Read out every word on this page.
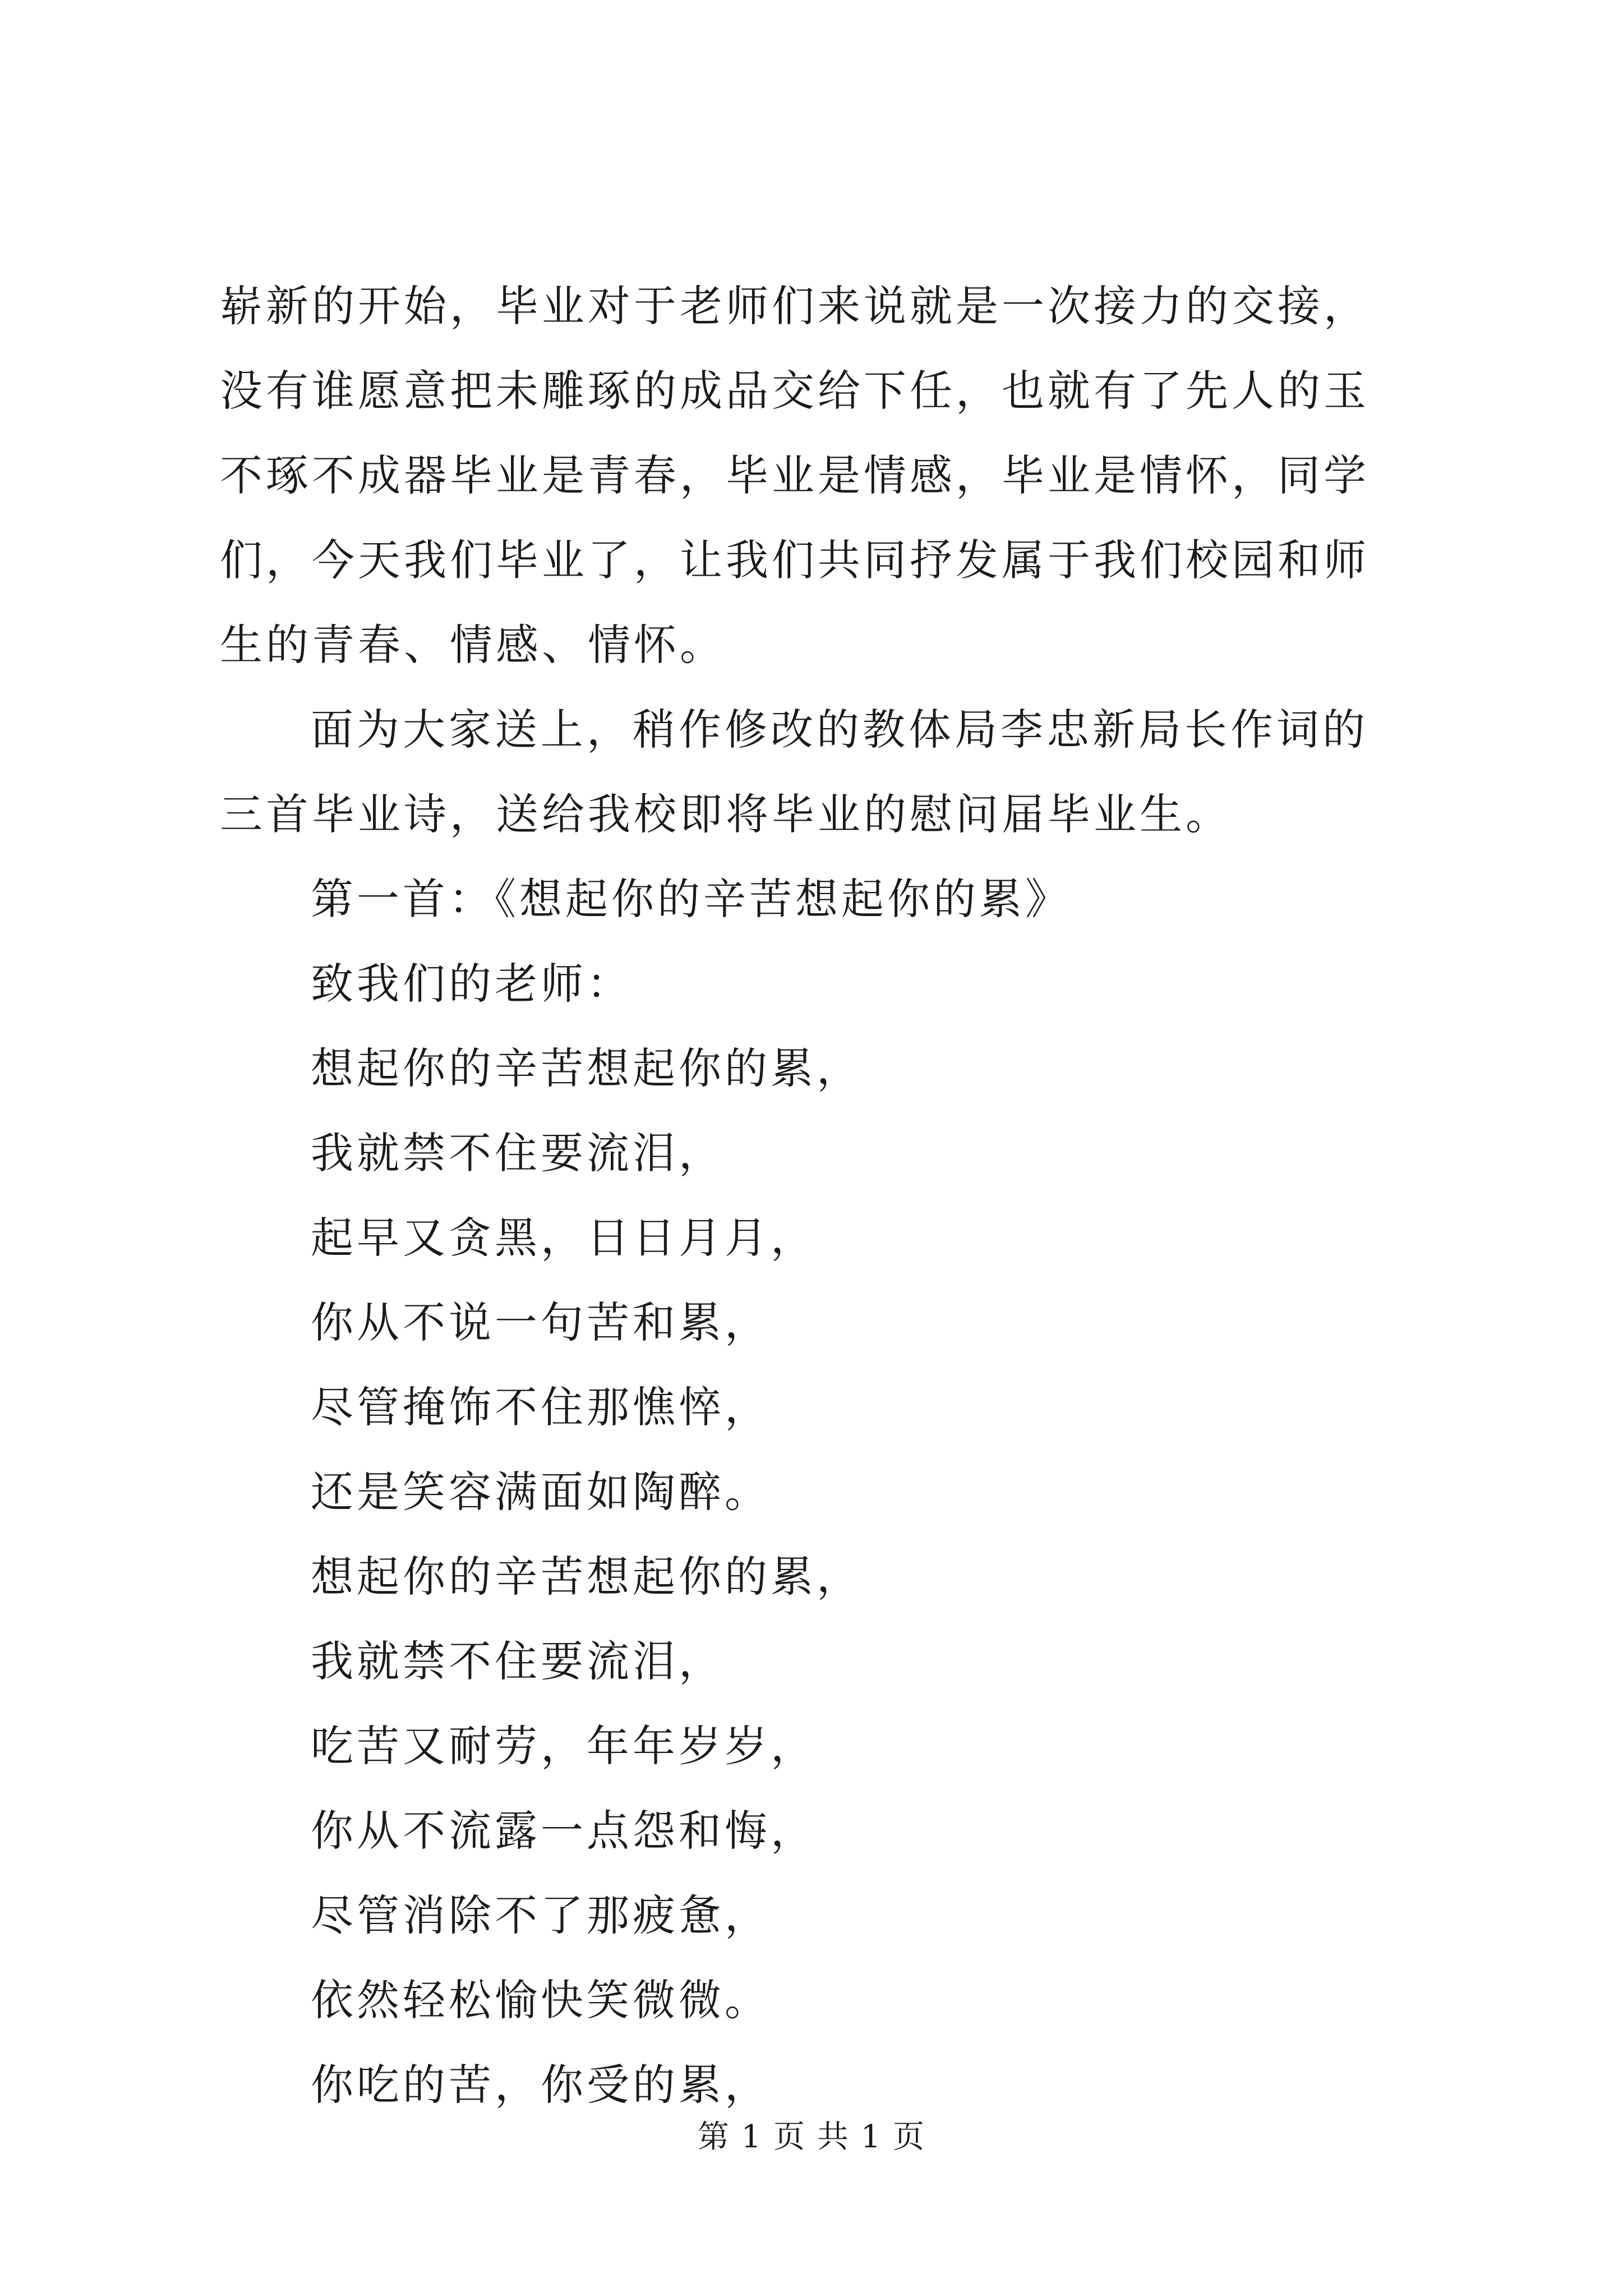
崭新的开始，毕业对于老师们来说就是一次接力的交接，没有谁愿意把未雕琢的成品交给下任，也就有了先人的玉不琢不成器毕业是青春，毕业是情感，毕业是情怀，同学们，今天我们毕业了，让我们共同抒发属于我们校园和师生的青春、情感、情怀。

面为大家送上，稍作修改的教体局李忠新局长作词的三首毕业诗，送给我校即将毕业的慰问届毕业生。

第一首：《想起你的辛苦想起你的累》

致我们的老师：

想起你的辛苦想起你的累，

我就禁不住要流泪，

起早又贪黑，日日月月，

你从不说一句苦和累，

尽管掩饰不住那憔悴，

还是笑容满面如陶醉。

想起你的辛苦想起你的累，

我就禁不住要流泪，

吃苦又耐劳，年年岁岁，

你从不流露一点怨和悔，

尽管消除不了那疲惫，

依然轻松愉快笑微微。

你吃的苦，你受的累，

第 1 页 共 1 页
